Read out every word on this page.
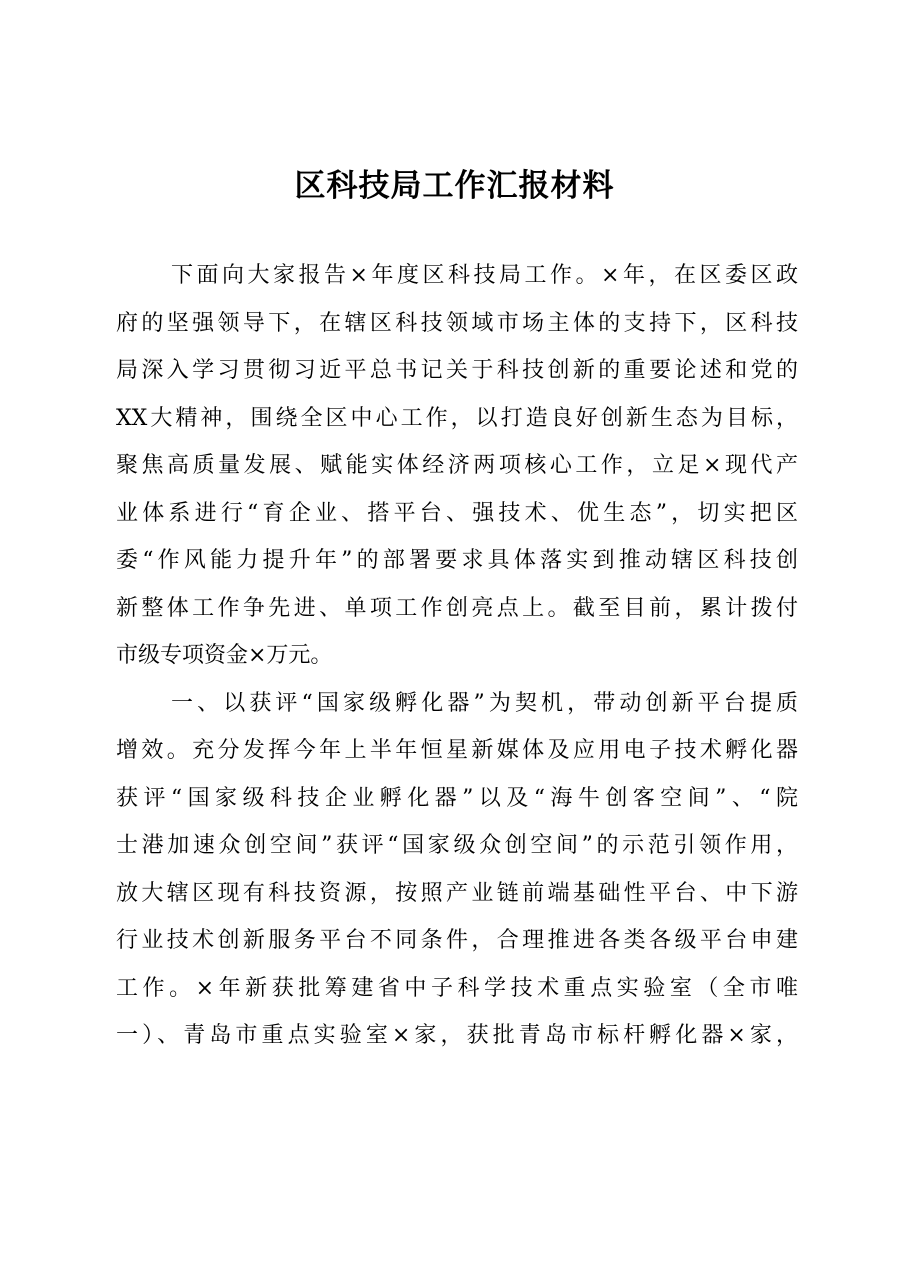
区科技局工作汇报材料
下面向大家报告×年度区科技局工作。×年，在区委区政
府的坚强领导下，在辖区科技领域市场主体的支持下，区科技
局深入学习贯彻习近平总书记关于科技创新的重要论述和党的
XX大精神，围绕全区中心工作，以打造良好创新生态为目标，
聚焦高质量发展、赋能实体经济两项核心工作，立足×现代产
业体系进行“育企业、搭平台、强技术、优生态”，切实把区
委“作风能力提升年”的部署要求具体落实到推动辖区科技创
新整体工作争先进、单项工作创亮点上。截至目前，累计拨付
市级专项资金×万元。
一、以获评“国家级孵化器”为契机，带动创新平台提质
增效。充分发挥今年上半年恒星新媒体及应用电子技术孵化器
获评“国家级科技企业孵化器”以及“海牛创客空间”、“院
士港加速众创空间”获评“国家级众创空间”的示范引领作用，
放大辖区现有科技资源，按照产业链前端基础性平台、中下游
行业技术创新服务平台不同条件，合理推进各类各级平台申建
工作。×年新获批筹建省中子科学技术重点实验室（全市唯
一）、青岛市重点实验室×家，获批青岛市标杆孵化器×家，
